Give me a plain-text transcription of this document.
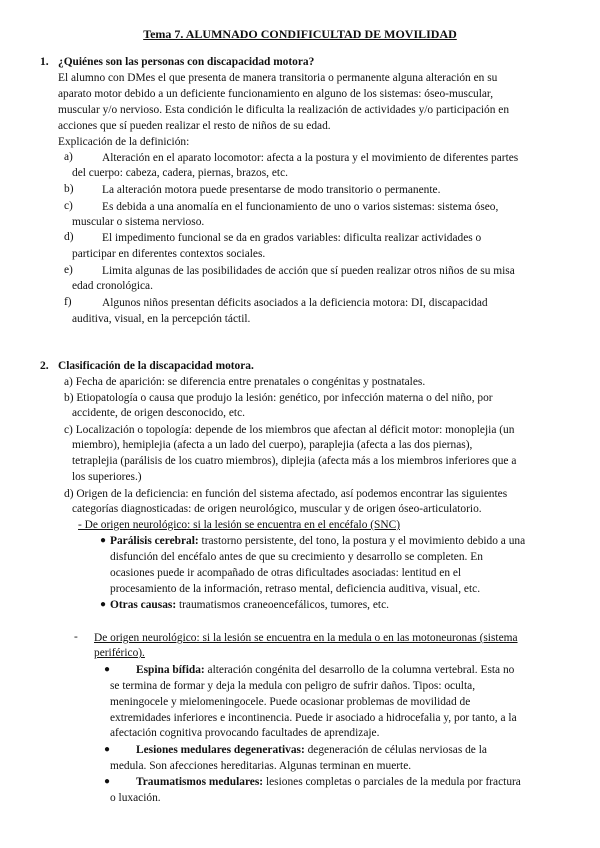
Tema 7. ALUMNADO CONDIFICULTAD DE MOVILIDAD
1. ¿Quiénes son las personas con discapacidad motora?
El alumno con DMes el que presenta de manera transitoria o permanente alguna alteración en su
aparato motor debido a un deficiente funcionamiento en alguno de los sistemas: óseo-muscular,
muscular y/o nervioso. Esta condición le dificulta la realización de actividades y/o participación en
acciones que sí pueden realizar el resto de niños de su edad.
Explicación de la definición:
a)	Alteración en el aparato locomotor: afecta a la postura y el movimiento de diferentes partes
del cuerpo: cabeza, cadera, piernas, brazos, etc.
b)	La alteración motora puede presentarse de modo transitorio o permanente.
c)	Es debida a una anomalía en el funcionamiento de uno o varios sistemas: sistema óseo,
muscular o sistema nervioso.
d)	El impedimento funcional se da en grados variables: dificulta realizar actividades o
participar en diferentes contextos sociales.
e)	Limita algunas de las posibilidades de acción que sí pueden realizar otros niños de su misa
edad cronológica.
f)	Algunos niños presentan déficits asociados a la deficiencia motora: DI, discapacidad
auditiva, visual, en la percepción táctil.
2. Clasificación de la discapacidad motora.
a) Fecha de aparición: se diferencia entre prenatales o congénitas y postnatales.
b) Etiopatología o causa que produjo la lesión: genético, por infección materna o del niño, por
accidente, de origen desconocido, etc.
c) Localización o topología: depende de los miembros que afectan al déficit motor: monoplejia (un
miembro), hemiplejia (afecta a un lado del cuerpo), paraplejia (afecta a las dos piernas),
tetraplejia (parálisis de los cuatro miembros), diplejia (afecta más a los miembros inferiores que a
los superiores.)
d) Origen de la deficiencia: en función del sistema afectado, así podemos encontrar las siguientes
categorías diagnosticadas: de origen neurológico, muscular y de origen óseo-articulatorio.
- De origen neurológico: si la lesión se encuentra en el encéfalo (SNC)
● Parálisis cerebral: trastorno persistente, del tono, la postura y el movimiento debido a una
disfunción del encéfalo antes de que su crecimiento y desarrollo se completen. En
ocasiones puede ir acompañado de otras dificultades asociadas: lentitud en el
procesamiento de la información, retraso mental, deficiencia auditiva, visual, etc.
● Otras causas: traumatismos craneoencefálicos, tumores, etc.
- De origen neurológico: si la lesión se encuentra en la medula o en las motoneuronas (sistema
periférico).
● Espina bífida: alteración congénita del desarrollo de la columna vertebral. Esta no
se termina de formar y deja la medula con peligro de sufrir daños. Tipos: oculta,
meningocele y mielomeningocele. Puede ocasionar problemas de movilidad de
extremidades inferiores e incontinencia. Puede ir asociado a hidrocefalia y, por tanto, a la
afectación cognitiva provocando facultades de aprendizaje.
● Lesiones medulares degenerativas: degeneración de células nerviosas de la
medula. Son afecciones hereditarias. Algunas terminan en muerte.
● Traumatismos medulares: lesiones completas o parciales de la medula por fractura
o luxación.
